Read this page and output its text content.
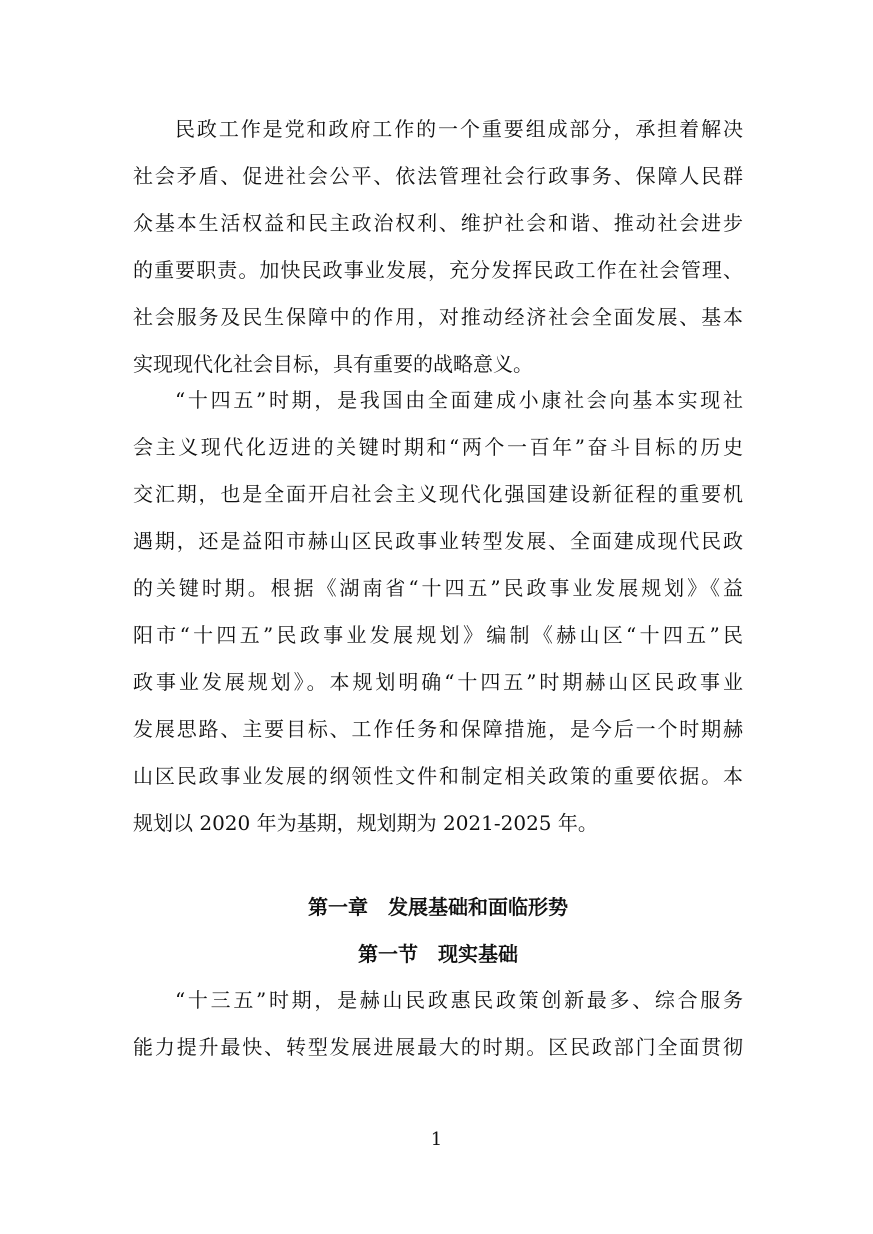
民政工作是党和政府工作的一个重要组成部分，承担着解决
社会矛盾、促进社会公平、依法管理社会行政事务、保障人民群
众基本生活权益和民主政治权利、维护社会和谐、推动社会进步
的重要职责。加快民政事业发展，充分发挥民政工作在社会管理、
社会服务及民生保障中的作用，对推动经济社会全面发展、基本
实现现代化社会目标，具有重要的战略意义。
“十四五”时期，是我国由全面建成小康社会向基本实现社
会主义现代化迈进的关键时期和“两个一百年”奋斗目标的历史
交汇期，也是全面开启社会主义现代化强国建设新征程的重要机
遇期，还是益阳市赫山区民政事业转型发展、全面建成现代民政
的关键时期。根据《湖南省“十四五”民政事业发展规划》《益
阳市“十四五”民政事业发展规划》编制《赫山区“十四五”民
政事业发展规划》。本规划明确“十四五”时期赫山区民政事业
发展思路、主要目标、工作任务和保障措施，是今后一个时期赫
山区民政事业发展的纲领性文件和制定相关政策的重要依据。本
规划以 2020 年为基期，规划期为 2021-2025 年。
第一章　发展基础和面临形势
第一节　现实基础
“十三五”时期，是赫山民政惠民政策创新最多、综合服务
能力提升最快、转型发展进展最大的时期。区民政部门全面贯彻
1
